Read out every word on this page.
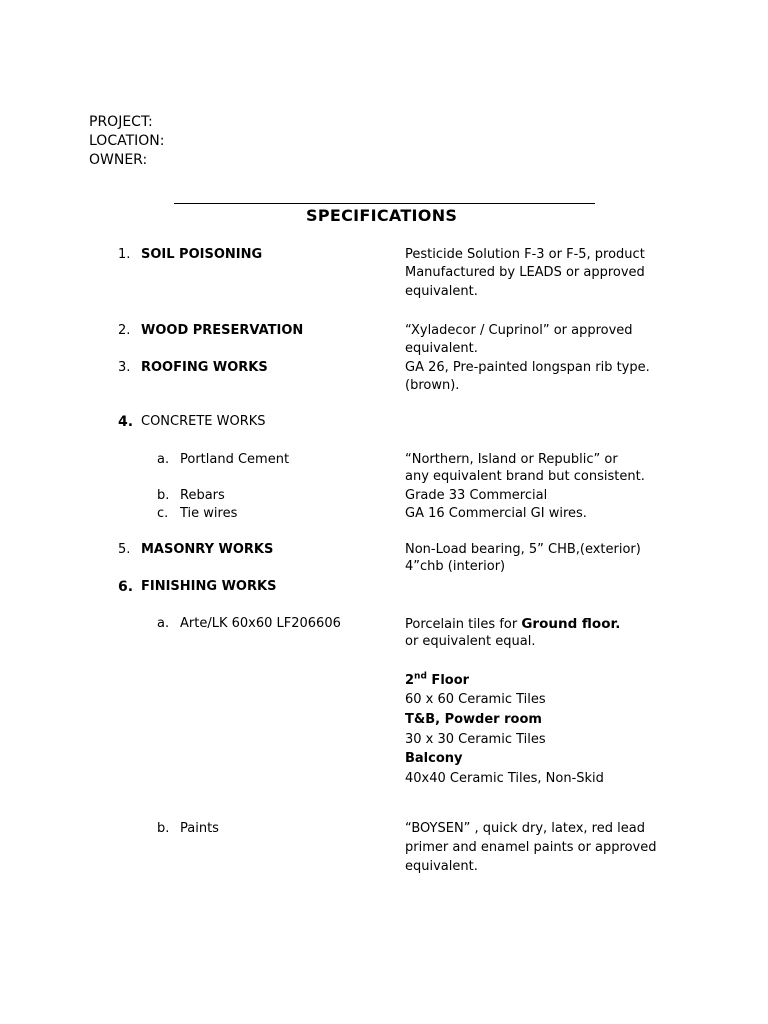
PROJECT:
LOCATION:
OWNER:
SPECIFICATIONS
1. SOIL POISONING	Pesticide Solution F-3 or F-5, product
Manufactured by LEADS or approved
equivalent.
2. WOOD PRESERVATION	“Xyladecor / Cuprinol” or approved
equivalent.
3. ROOFING WORKS	GA 26, Pre-painted longspan rib type.
(brown).
4. CONCRETE WORKS
a. Portland Cement	“Northern, Island or Republic” or
any equivalent brand but consistent.
b. Rebars	Grade 33 Commercial
c. Tie wires	GA 16 Commercial GI wires.
5. MASONRY WORKS	Non-Load bearing, 5” CHB,(exterior)
4”chb (interior)
6. FINISHING WORKS
a. Arte/LK 60x60 LF206606	Porcelain tiles for Ground floor.
or equivalent equal.
2nd Floor
60 x 60 Ceramic Tiles
T&B, Powder room
30 x 30 Ceramic Tiles
Balcony
40x40 Ceramic Tiles, Non-Skid
b. Paints	“BOYSEN” , quick dry, latex, red lead
primer and enamel paints or approved
equivalent.
